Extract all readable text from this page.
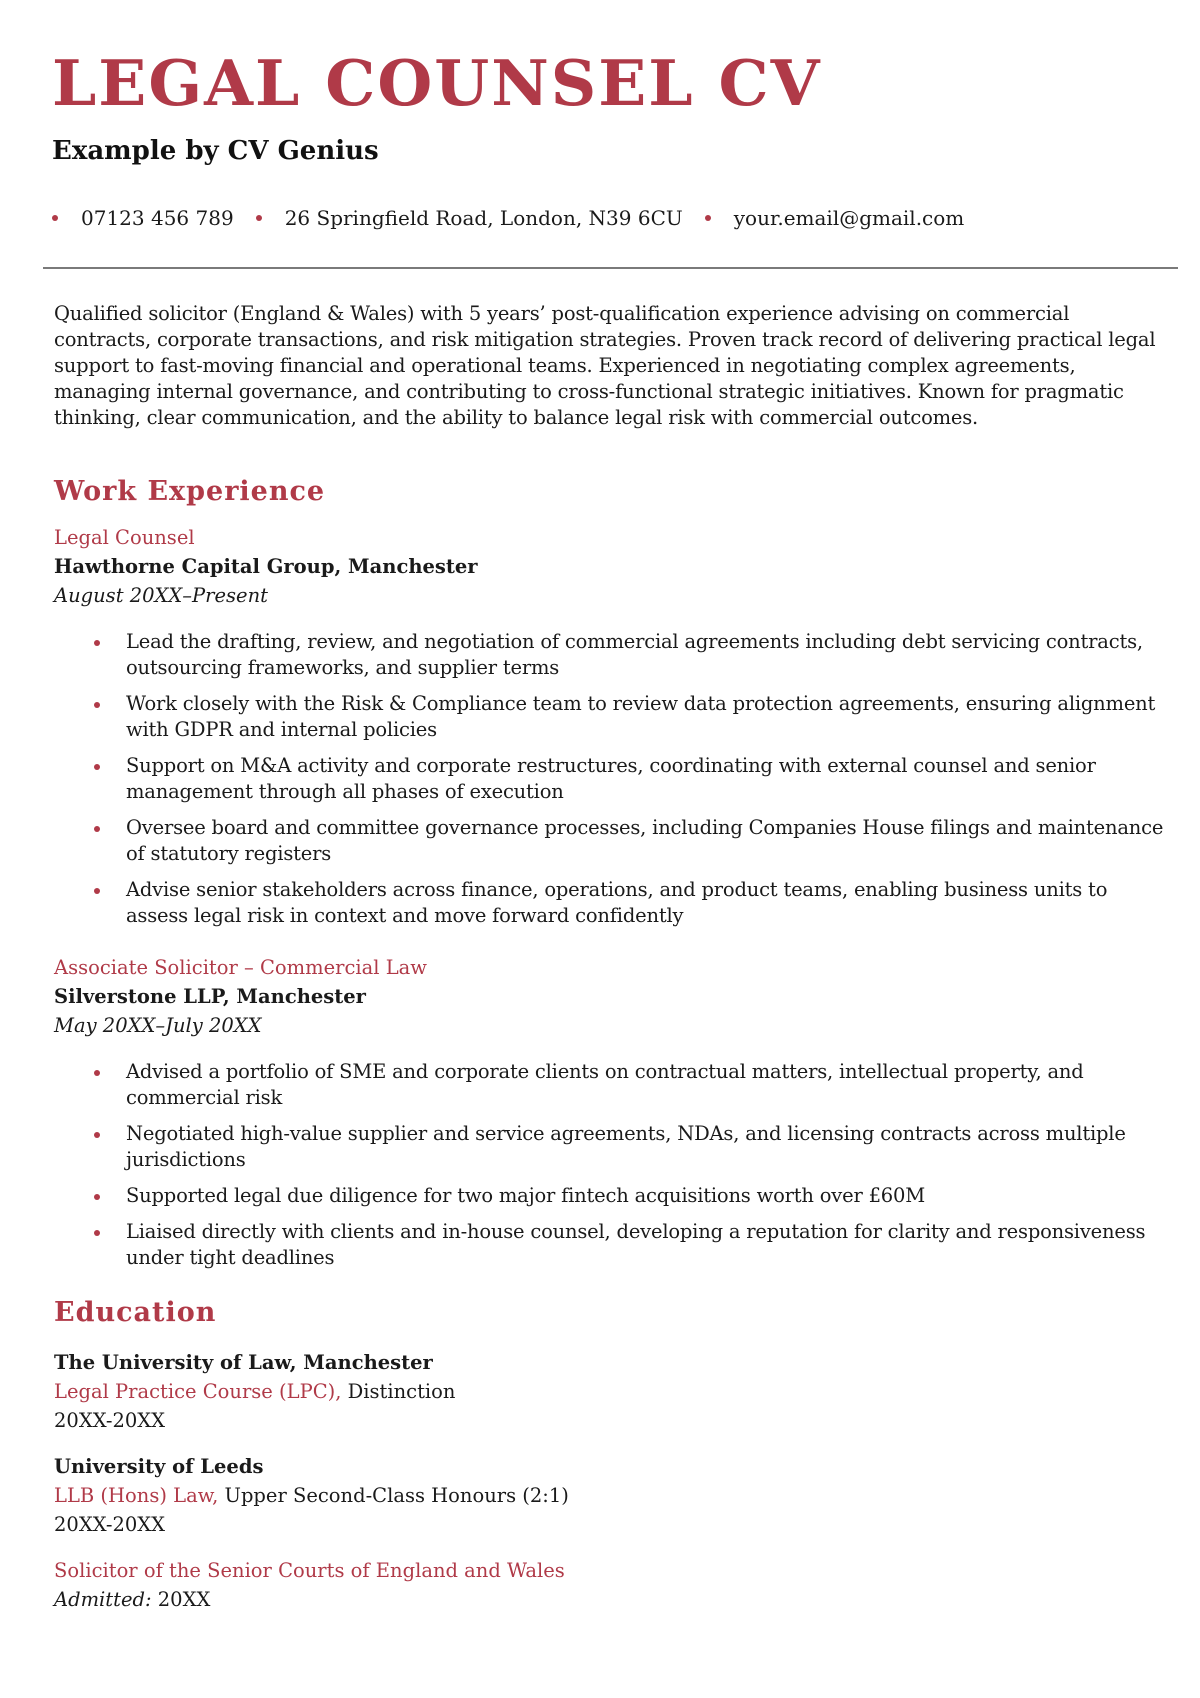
LEGAL COUNSEL CV
Example by CV Genius
07123 456 789	26 Springfield Road, London, N39 6CU	your.email@gmail.com

Qualified solicitor (England & Wales) with 5 years’ post-qualification experience advising on commercial contracts, corporate transactions, and risk mitigation strategies. Proven track record of delivering practical legal support to fast-moving financial and operational teams. Experienced in negotiating complex agreements, managing internal governance, and contributing to cross-functional strategic initiatives. Known for pragmatic thinking, clear communication, and the ability to balance legal risk with commercial outcomes.

Work Experience

Legal Counsel

Hawthorne Capital Group, Manchester

August 20XX–Present

Lead the drafting, review, and negotiation of commercial agreements including debt servicing contracts, outsourcing frameworks, and supplier terms
Work closely with the Risk & Compliance team to review data protection agreements, ensuring alignment with GDPR and internal policies
Support on M&A activity and corporate restructures, coordinating with external counsel and senior management through all phases of execution
Oversee board and committee governance processes, including Companies House filings and maintenance of statutory registers
Advise senior stakeholders across finance, operations, and product teams, enabling business units to assess legal risk in context and move forward confidently

Associate Solicitor – Commercial Law

Silverstone LLP, Manchester

May 20XX–July 20XX

Advised a portfolio of SME and corporate clients on contractual matters, intellectual property, and commercial risk
Negotiated high-value supplier and service agreements, NDAs, and licensing contracts across multiple jurisdictions
Supported legal due diligence for two major fintech acquisitions worth over £60M
Liaised directly with clients and in-house counsel, developing a reputation for clarity and responsiveness under tight deadlines
Education

The University of Law, Manchester

Legal Practice Course (LPC), Distinction

20XX-20XX

University of Leeds

LLB (Hons) Law, Upper Second-Class Honours (2:1)

20XX-20XX

Solicitor of the Senior Courts of England and Wales

Admitted: 20XX
